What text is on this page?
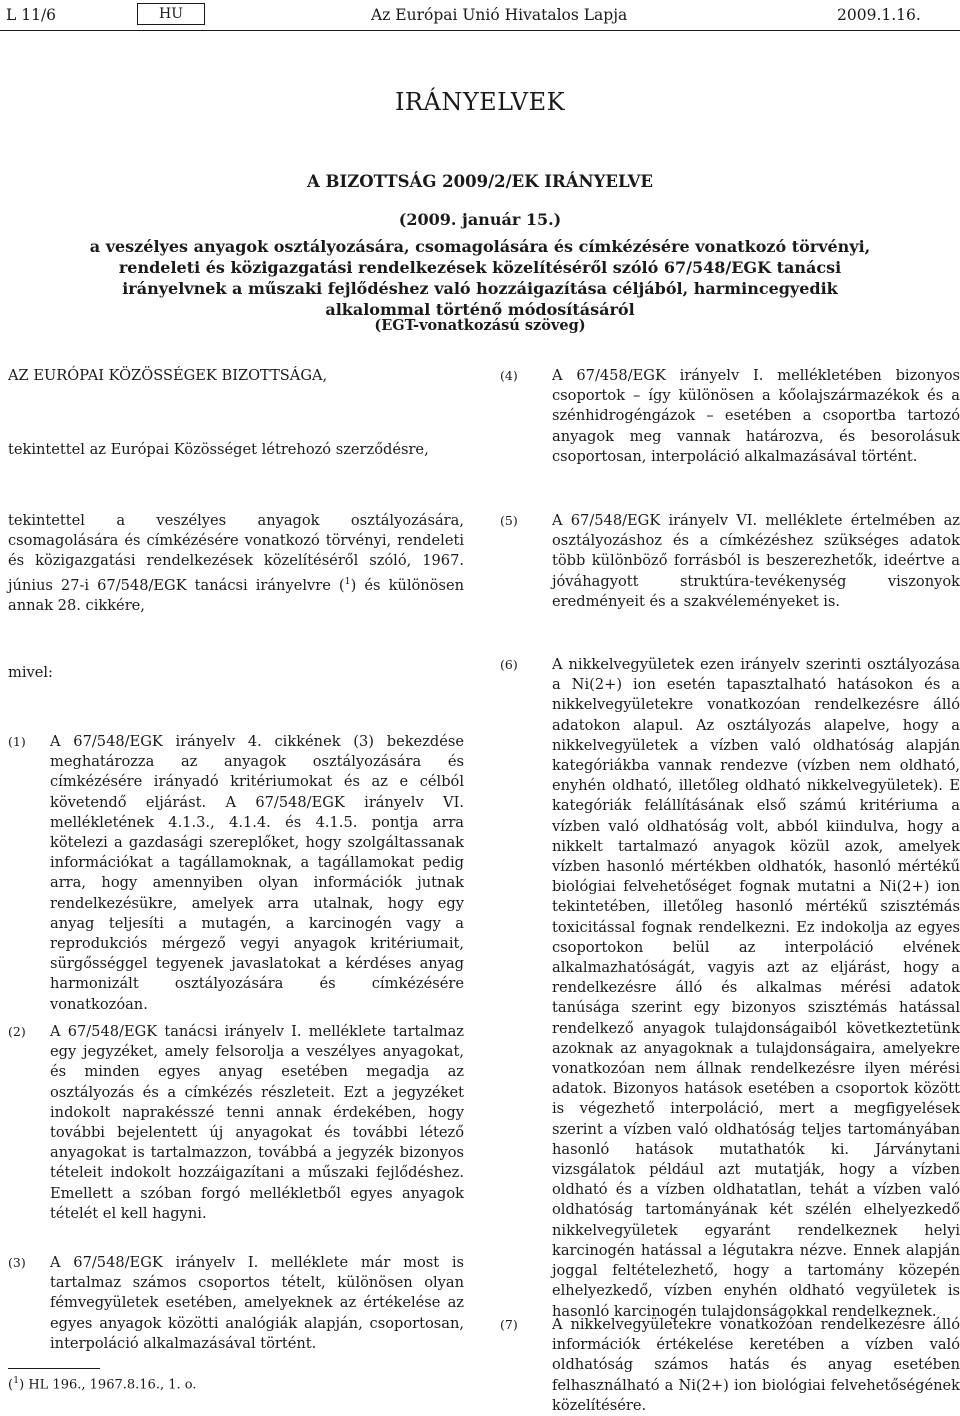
L 11/6	HU	Az Európai Unió Hivatalos Lapja	2009.1.16.
IRÁNYELVEK
A BIZOTTSÁG 2009/2/EK IRÁNYELVE
(2009. január 15.)
a veszélyes anyagok osztályozására, csomagolására és címkézésére vonatkozó törvényi, rendeleti és közigazgatási rendelkezések közelítéséről szóló 67/548/EGK tanácsi irányelvnek a műszaki fejlődéshez való hozzáigazítása céljából, harmincegyedik alkalommal történő módosításáról
(EGT-vonatkozású szöveg)
AZ EURÓPAI KÖZÖSSÉGEK BIZOTTSÁGA,
tekintettel az Európai Közösséget létrehozó szerződésre,
tekintettel a veszélyes anyagok osztályozására, csomagolására és címkézésére vonatkozó törvényi, rendeleti és közigazgatási rendelkezések közelítéséről szóló, 1967. június 27-i 67/548/EGK tanácsi irányelvre ($^1$) és különösen annak 28. cikkére,
mivel:
(1) A 67/548/EGK irányelv 4. cikkének (3) bekezdése meghatározza az anyagok osztályozására és címkézésére irányadó kritériumokat és az e célból követendő eljárást. A 67/548/EGK irányelv VI. mellékletének 4.1.3., 4.1.4. és 4.1.5. pontja arra kötelezi a gazdasági szereplőket, hogy szolgáltassanak információkat a tagállamoknak, a tagállamokat pedig arra, hogy amennyiben olyan információk jutnak rendelkezésükre, amelyek arra utalnak, hogy egy anyag teljesíti a mutagén, a karcinogén vagy a reprodukciós mérgező vegyi anyagok kritériumait, sürgősséggel tegyenek javaslatokat a kérdéses anyag harmonizált osztályozására és címkézésére vonatkozóan.
(2) A 67/548/EGK tanácsi irányelv I. melléklete tartalmaz egy jegyzéket, amely felsorolja a veszélyes anyagokat, és minden egyes anyag esetében megadja az osztályozás és a címkézés részleteit. Ezt a jegyzéket indokolt naprakésszé tenni annak érdekében, hogy további bejelentett új anyagokat és további létező anyagokat is tartalmazzon, továbbá a jegyzék bizonyos tételeit indokolt hozzáigazítani a műszaki fejlődéshez. Emellett a szóban forgó mellékletből egyes anyagok tételét el kell hagyni.
(3) A 67/548/EGK irányelv I. melléklete már most is tartalmaz számos csoportos tételt, különösen olyan fémvegyületek esetében, amelyeknek az értékelése az egyes anyagok közötti analógiák alapján, csoportosan, interpoláció alkalmazásával történt.
(4) A 67/458/EGK irányelv I. mellékletében bizonyos csoportok – így különösen a kőolajszármazékok és a szénhidrogéngázok – esetében a csoportba tartozó anyagok meg vannak határozva, és besorolásuk csoportosan, interpoláció alkalmazásával történt.
(5) A 67/548/EGK irányelv VI. melléklete értelmében az osztályozáshoz és a címkézéshez szükséges adatok több különböző forrásból is beszerezhetők, ideértve a jóváhagyott struktúra-tevékenység viszonyok eredményeit és a szakvéleményeket is.
(6) A nikkelvegyületek ezen irányelv szerinti osztályozása a Ni(2+) ion esetén tapasztalható hatásokon és a nikkelvegyületekre vonatkozóan rendelkezésre álló adatokon alapul. Az osztályozás alapelve, hogy a nikkelvegyületek a vízben való oldhatóság alapján kategóriákba vannak rendezve (vízben nem oldható, enyhén oldható, illetőleg oldható nikkelvegyületek). E kategóriák felállításának első számú kritériuma a vízben való oldhatóság volt, abból kiindulva, hogy a nikkelt tartalmazó anyagok közül azok, amelyek vízben hasonló mértékben oldhatók, hasonló mértékű biológiai felvehetőséget fognak mutatni a Ni(2+) ion tekintetében, illetőleg hasonló mértékű szisztémás toxicitással fognak rendelkezni. Ez indokolja az egyes csoportokon belül az interpoláció elvének alkalmazhatóságát, vagyis azt az eljárást, hogy a rendelkezésre álló és alkalmas mérési adatok tanúsága szerint egy bizonyos szisztémás hatással rendelkező anyagok tulajdonságaiból következtetünk azoknak az anyagoknak a tulajdonságaira, amelyekre vonatkozóan nem állnak rendelkezésre ilyen mérési adatok. Bizonyos hatások esetében a csoportok között is végezhető interpoláció, mert a megfigyelések szerint a vízben való oldhatóság teljes tartományában hasonló hatások mutathatók ki. Járványtani vizsgálatok például azt mutatják, hogy a vízben oldható és a vízben oldhatatlan, tehát a vízben való oldhatóság tartományának két szélén elhelyezkedő nikkelvegyületek egyaránt rendelkeznek helyi karcinogén hatással a légutakra nézve. Ennek alapján joggal feltételezhető, hogy a tartomány közepén elhelyezkedő, vízben enyhén oldható vegyületek is hasonló karcinogén tulajdonságokkal rendelkeznek.
(7) A nikkelvegyületekre vonatkozóan rendelkezésre álló információk értékelése keretében a vízben való oldhatóság számos hatás és anyag esetében felhasználható a Ni(2+) ion biológiai felvehetőségének közelítésére.
($^1$) HL 196., 1967.8.16., 1. o.
